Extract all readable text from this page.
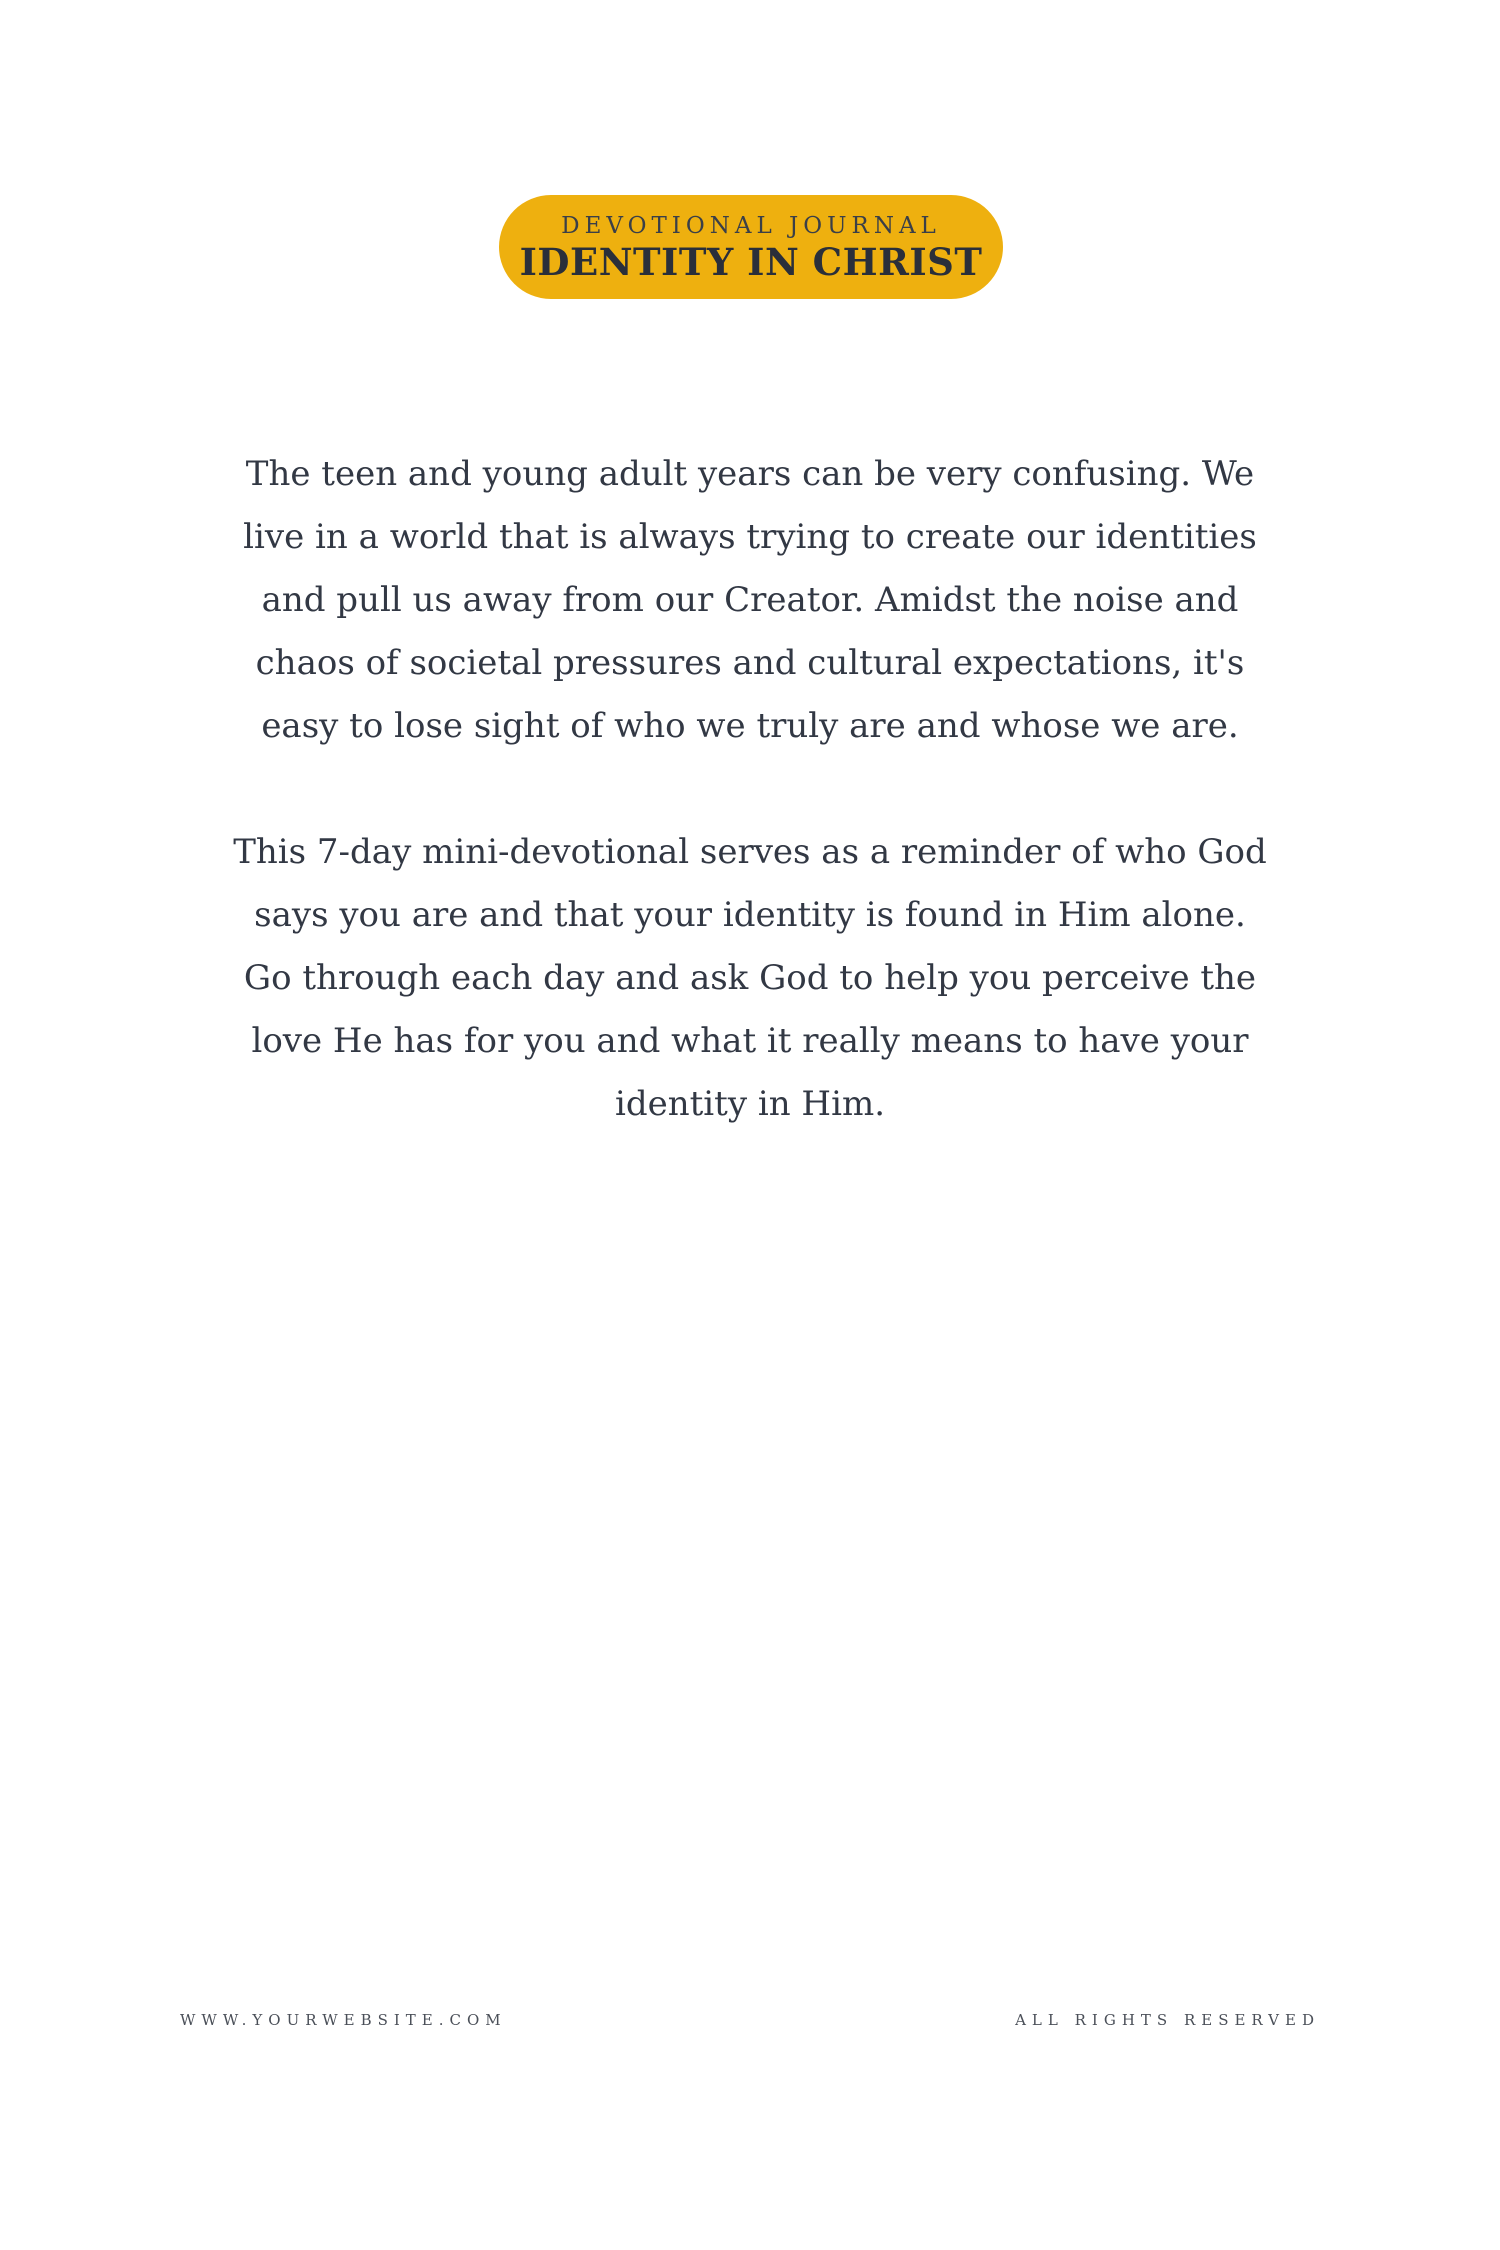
DEVOTIONAL JOURNAL
IDENTITY IN CHRIST

The teen and young adult years can be very confusing. We live in a world that is always trying to create our identities and pull us away from our Creator. Amidst the noise and chaos of societal pressures and cultural expectations, it's easy to lose sight of who we truly are and whose we are.

This 7-day mini-devotional serves as a reminder of who God says you are and that your identity is found in Him alone. Go through each day and ask God to help you perceive the love He has for you and what it really means to have your identity in Him.

WWW.YOURWEBSITE.COM	ALL RIGHTS RESERVED
